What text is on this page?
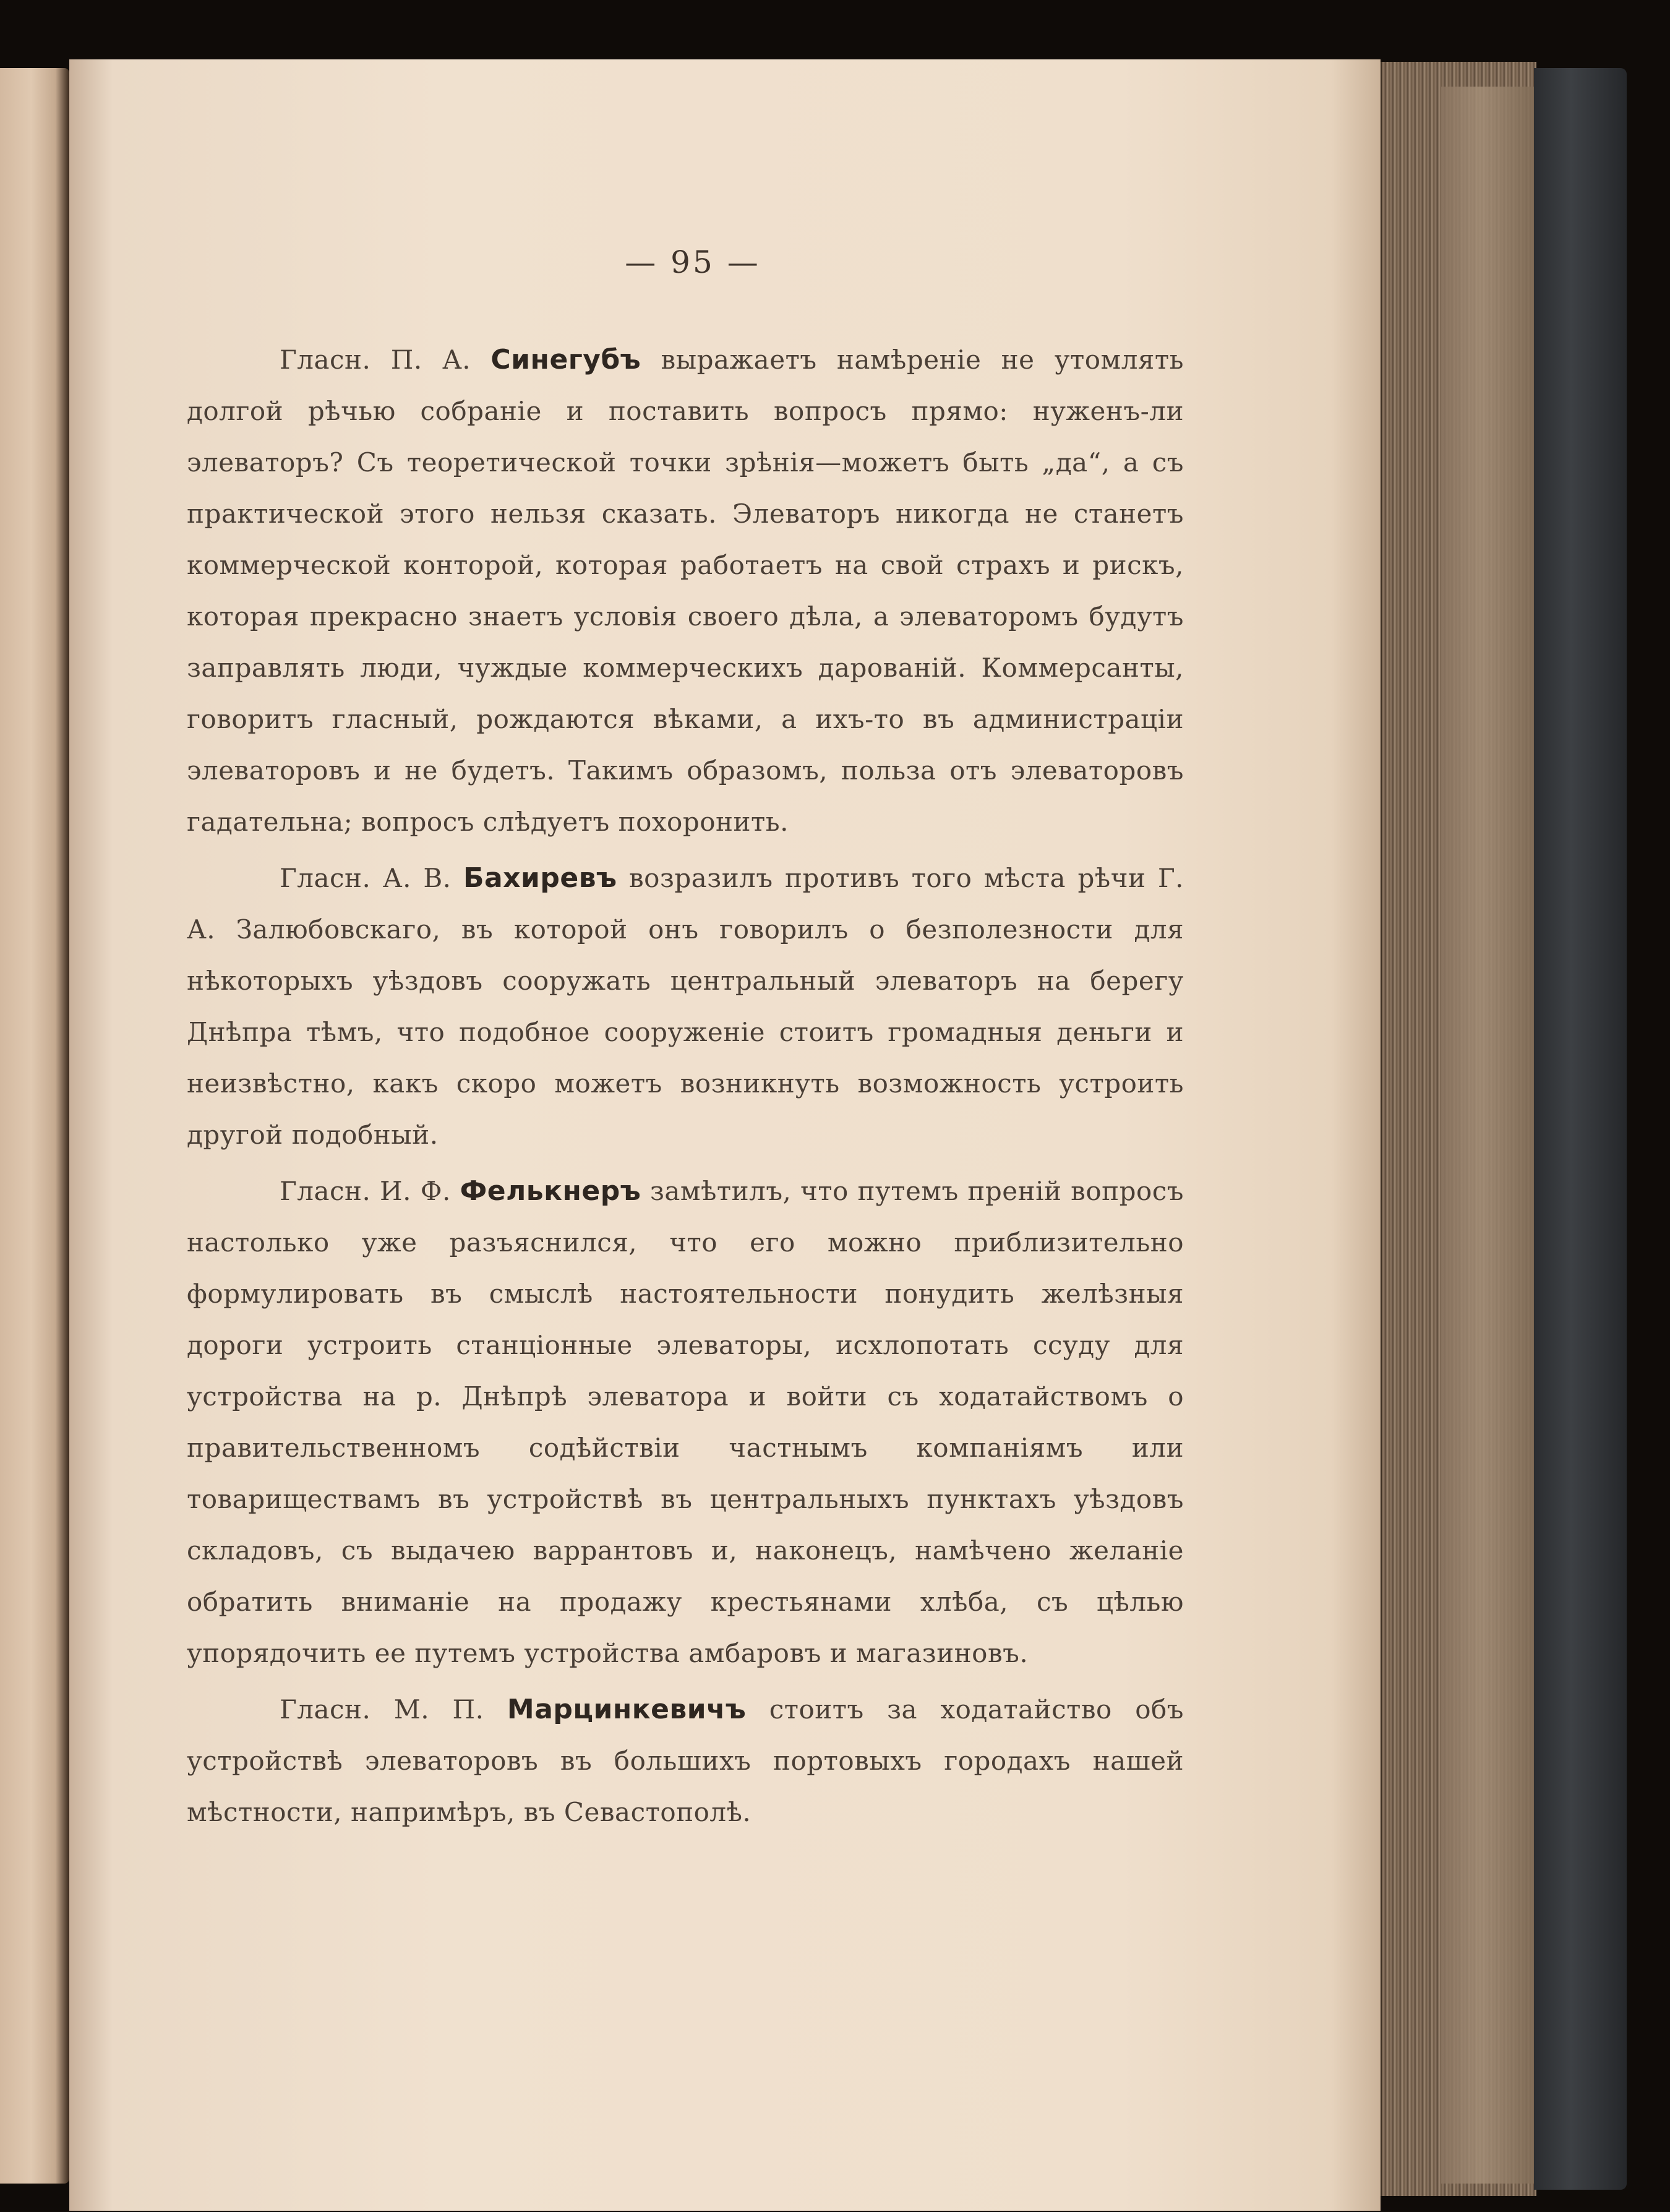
— 95 —

Гласн. П. А. Синегубъ выражаетъ намѣреніе не утомлять долгой рѣчью собраніе и поставить вопросъ прямо: нуженъ-ли элеваторъ? Съ теоретической точки зрѣнія—можетъ быть „да“, а съ практической этого нельзя сказать. Элеваторъ никогда не станетъ коммерческой конторой, которая работаетъ на свой страхъ и рискъ, которая прекрасно знаетъ условія своего дѣла, а элеваторомъ будутъ заправлять люди, чуждые коммерческихъ дарованій. Коммерсанты, говоритъ гласный, рождаются вѣками, а ихъ-то въ администраціи элеваторовъ и не будетъ. Такимъ образомъ, польза отъ элеваторовъ гадательна; вопросъ слѣдуетъ похоронить.

Гласн. А. В. Бахиревъ возразилъ противъ того мѣста рѣчи Г. А. Залюбовскаго, въ которой онъ говорилъ о безполезности для нѣкоторыхъ уѣздовъ сооружать центральный элеваторъ на берегу Днѣпра тѣмъ, что подобное сооруженіе стоитъ громадныя деньги и неизвѣстно, какъ скоро можетъ возникнуть возможность устроить другой подобный.

Гласн. И. Ф. Фелькнеръ замѣтилъ, что путемъ преній вопросъ настолько уже разъяснился, что его можно приблизительно формулировать въ смыслѣ настоятельности понудить желѣзныя дороги устроить станціонные элеваторы, исхлопотать ссуду для устройства на р. Днѣпрѣ элеватора и войти съ ходатайствомъ о правительственномъ содѣйствіи частнымъ компаніямъ или товариществамъ въ устройствѣ въ центральныхъ пунктахъ уѣздовъ складовъ, съ выдачею варрантовъ и, наконецъ, намѣчено желаніе обратить вниманіе на продажу крестьянами хлѣба, съ цѣлью упорядочить ее путемъ устройства амбаровъ и магазиновъ.

Гласн. М. П. Марцинкевичъ стоитъ за ходатайство объ устройствѣ элеваторовъ въ большихъ портовыхъ городахъ нашей мѣстности, напримѣръ, въ Севастополѣ.
